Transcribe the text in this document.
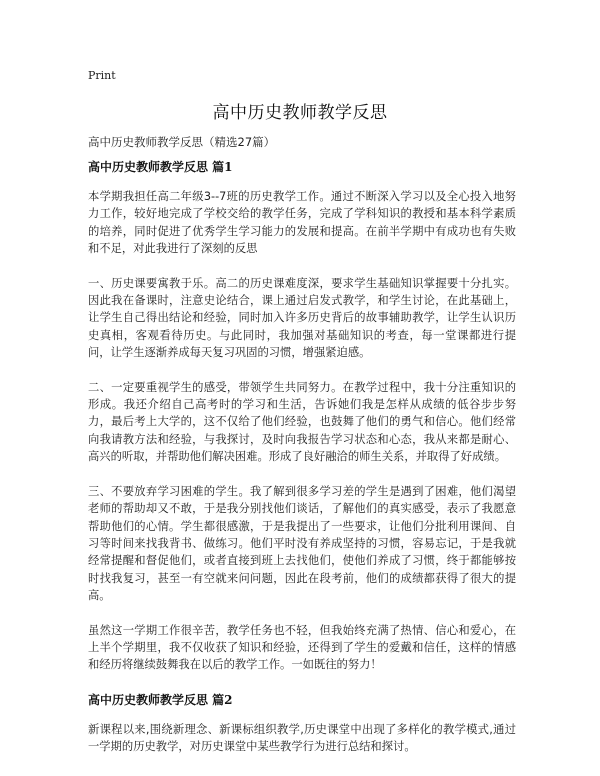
Print
高中历史教师教学反思

高中历史教师教学反思（精选27篇）

高中历史教师教学反思 篇1

本学期我担任高二年级3--7班的历史教学工作。通过不断深入学习以及全心投入地努力工作，较好地完成了学校交给的教学任务，完成了学科知识的教授和基本科学素质的培养，同时促进了优秀学生学习能力的发展和提高。在前半学期中有成功也有失败和不足，对此我进行了深刻的反思

一、历史课要寓教于乐。高二的历史课难度深，要求学生基础知识掌握要十分扎实。因此我在备课时，注意史论结合，课上通过启发式教学，和学生讨论，在此基础上，让学生自己得出结论和经验，同时加入许多历史背后的故事辅助教学，让学生认识历史真相，客观看待历史。与此同时，我加强对基础知识的考查，每一堂课都进行提问，让学生逐渐养成每天复习巩固的习惯，增强紧迫感。

二、一定要重视学生的感受，带领学生共同努力。在教学过程中，我十分注重知识的形成。我还介绍自己高考时的学习和生活，告诉她们我是怎样从成绩的低谷步步努力，最后考上大学的，这不仅给了他们经验，也鼓舞了他们的勇气和信心。他们经常向我请教方法和经验，与我探讨，及时向我报告学习状态和心态，我从来都是耐心、高兴的听取，并帮助他们解决困难。形成了良好融洽的师生关系，并取得了好成绩。

三、不要放弃学习困难的学生。我了解到很多学习差的学生是遇到了困难，他们渴望老师的帮助却又不敢，于是我分别找他们谈话，了解他们的真实感受，表示了我愿意帮助他们的心情。学生都很感激，于是我提出了一些要求，让他们分批利用课间、自习等时间来找我背书、做练习。他们平时没有养成坚持的习惯，容易忘记，于是我就经常提醒和督促他们，或者直接到班上去找他们，使他们养成了习惯，终于都能够按时找我复习，甚至一有空就来问问题，因此在段考前，他们的成绩都获得了很大的提高。

虽然这一学期工作很辛苦，教学任务也不轻，但我始终充满了热情、信心和爱心，在上半个学期里，我不仅收获了知识和经验，还得到了学生的爱戴和信任，这样的情感和经历将继续鼓舞我在以后的教学工作。一如既往的努力！

高中历史教师教学反思 篇2

新课程以来,围绕新理念、新课标组织教学,历史课堂中出现了多样化的教学模式,通过一学期的历史教学，对历史课堂中某些教学行为进行总结和探讨。
